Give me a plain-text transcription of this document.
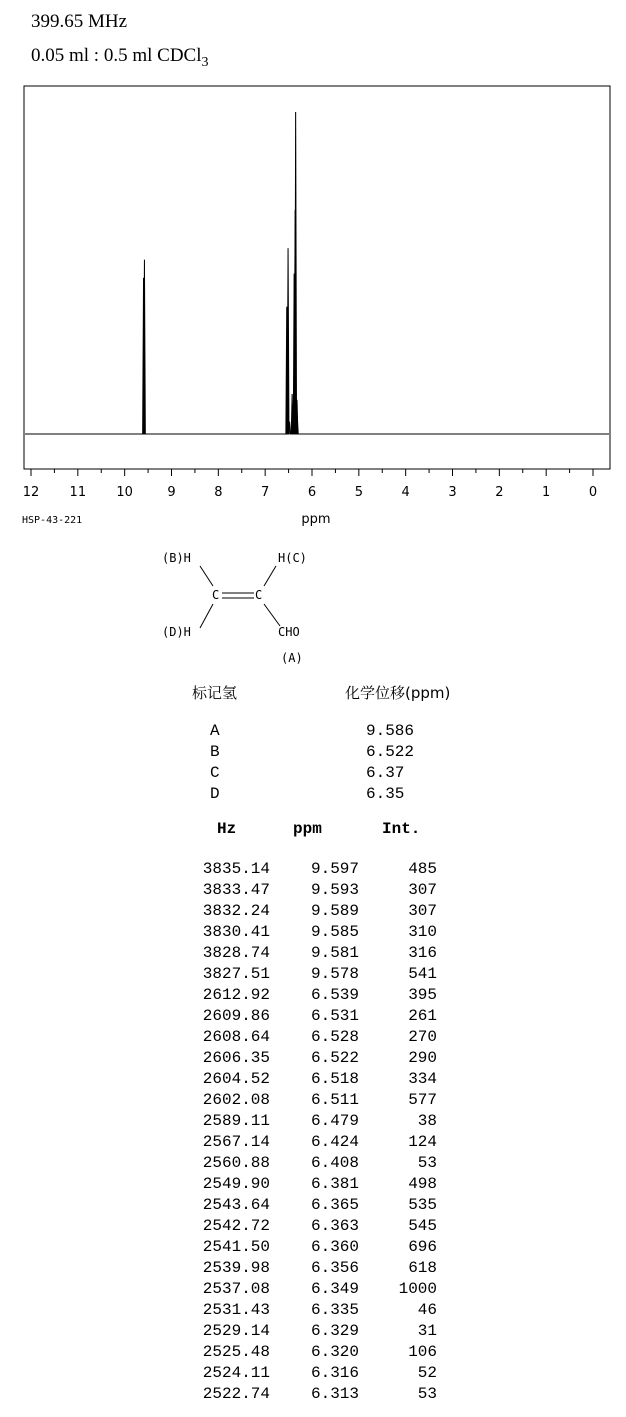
399.65 MHz
0.05 ml : 0.5 ml CDCl$_3$
12 11 10	9	8	7	6	5	4	3	2	1	0
ppm
HSP-43-221
(B)H	H(C)
C	C
(D)H	CHO
(A)
标记氢	化学位移(ppm)
A	9.586
B	6.522
C	6.37
D	6.35
Hz	ppm	Int.
3835.14	9.597	485
3833.47	9.593	307
3832.24	9.589	307
3830.41	9.585	310
3828.74	9.581	316
3827.51	9.578	541
2612.92	6.539	395
2609.86	6.531	261
2608.64	6.528	270
2606.35	6.522	290
2604.52	6.518	334
2602.08	6.511	577
2589.11	6.479	38
2567.14	6.424	124
2560.88	6.408	53
2549.90	6.381	498
2543.64	6.365	535
2542.72	6.363	545
2541.50	6.360	696
2539.98	6.356	618
2537.08	6.349 1000
2531.43	6.335	46
2529.14	6.329	31
2525.48	6.320	106
2524.11	6.316	52
2522.74	6.313	53
